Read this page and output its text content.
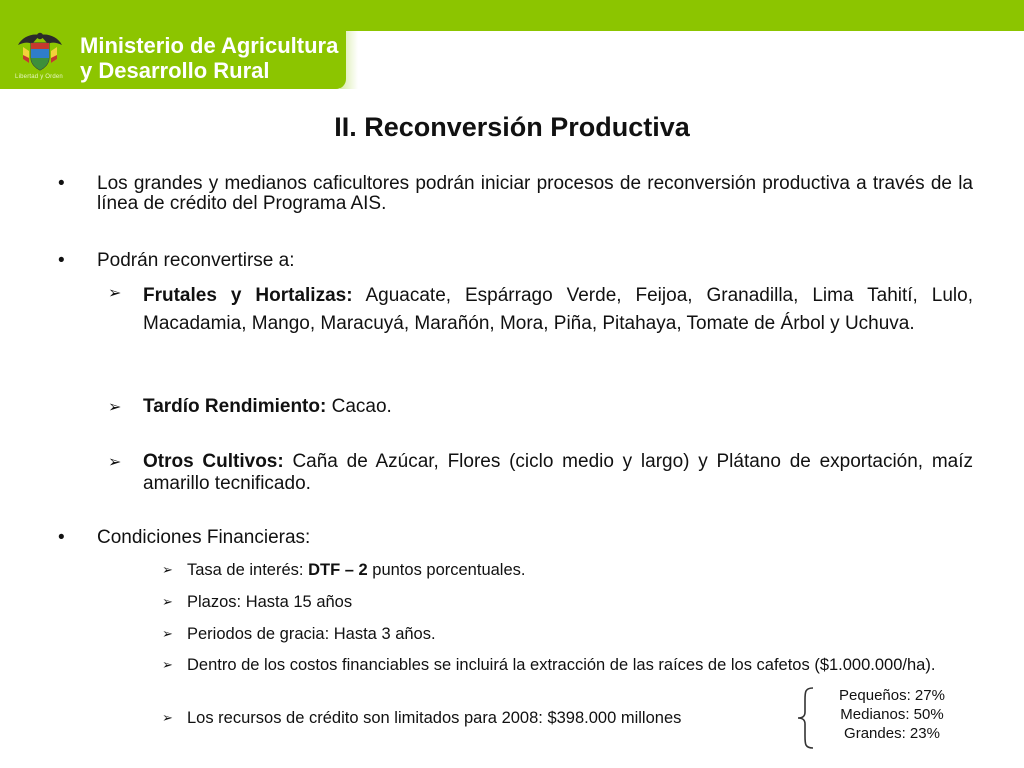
Libertad y Orden
Ministerio de Agricultura
y Desarrollo Rural
II. Reconversión Productiva
• Los grandes y medianos caficultores podrán iniciar procesos de reconversión productiva a través de la línea de crédito del Programa AIS.
• Podrán reconvertirse a:
➢ Frutales y Hortalizas: Aguacate, Espárrago Verde, Feijoa, Granadilla, Lima Tahití, Lulo, Macadamia, Mango, Maracuyá, Marañón, Mora, Piña, Pitahaya, Tomate de Árbol y Uchuva.
➢ Tardío Rendimiento: Cacao.
➢ Otros Cultivos: Caña de Azúcar, Flores (ciclo medio y largo) y Plátano de exportación, maíz amarillo tecnificado.
• Condiciones Financieras:
➢ Tasa de interés: DTF – 2 puntos porcentuales.
➢ Plazos: Hasta 15 años
➢ Periodos de gracia: Hasta 3 años.
➢ Dentro de los costos financiables se incluirá la extracción de las raíces de los cafetos ($1.000.000/ha).
➢ Los recursos de crédito son limitados para 2008: $398.000 millones
Pequeños: 27%
Medianos: 50%
Grandes: 23%
